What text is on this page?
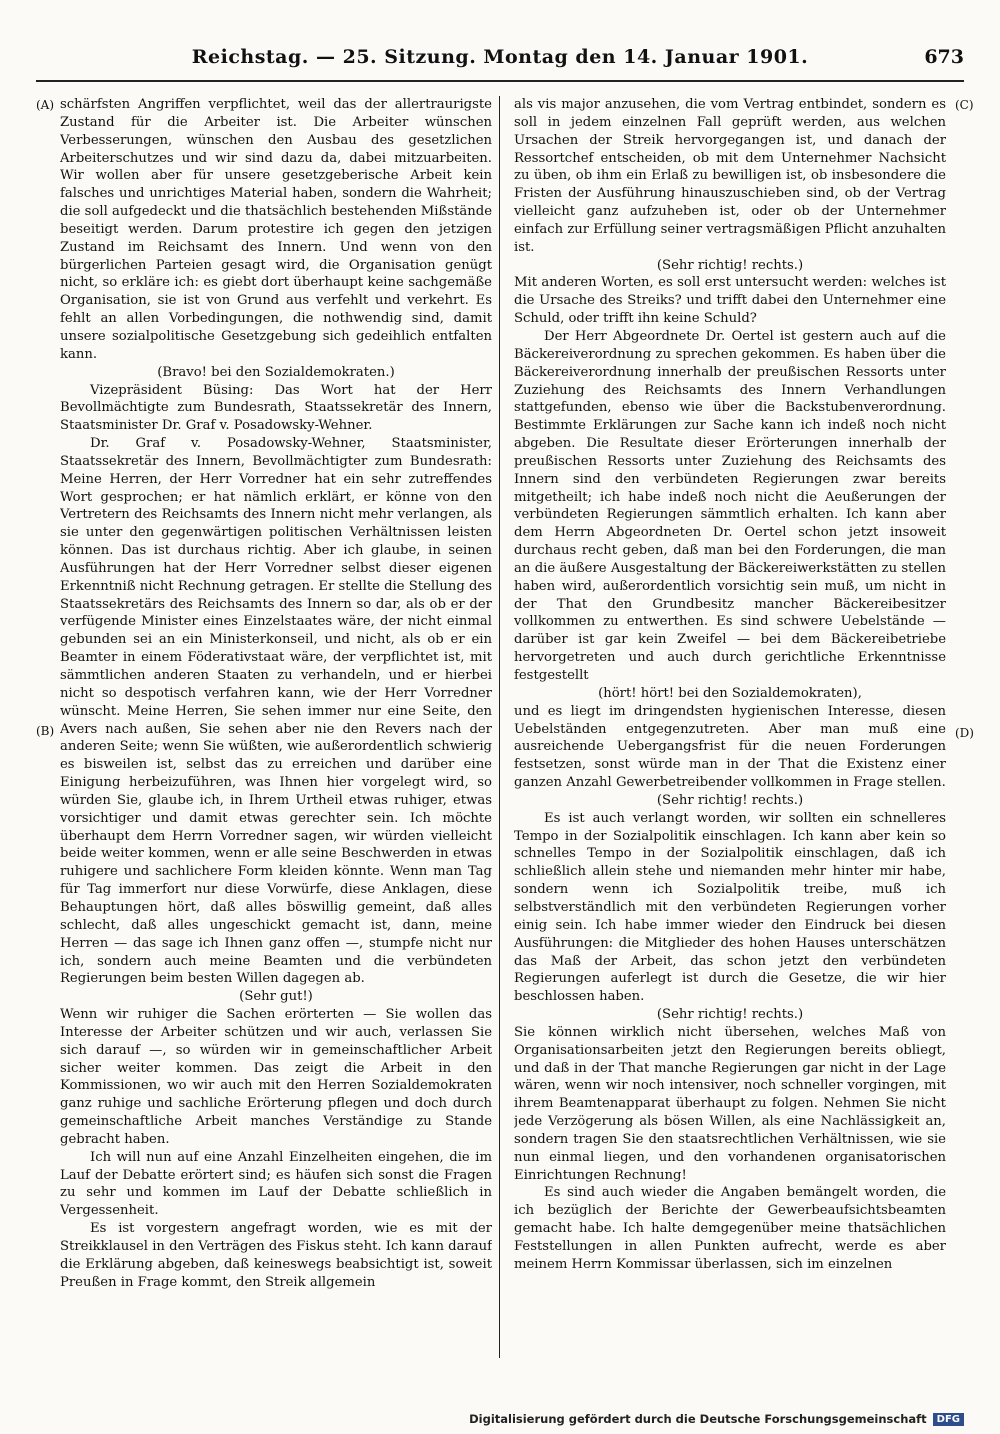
Reichstag. — 25. Sitzung. Montag den 14. Januar 1901.	673
(A)
(B)
(C)
(D)

schärfsten Angriffen verpflichtet, weil das der allertraurigste Zustand für die Arbeiter ist. Die Arbeiter wünschen Verbesserungen, wünschen den Ausbau des gesetzlichen Arbeiterschutzes und wir sind dazu da, dabei mitzuarbeiten. Wir wollen aber für unsere gesetzgeberische Arbeit kein falsches und unrichtiges Material haben, sondern die Wahrheit; die soll aufgedeckt und die thatsächlich bestehenden Mißstände beseitigt werden. Darum protestire ich gegen den jetzigen Zustand im Reichsamt des Innern. Und wenn von den bürgerlichen Parteien gesagt wird, die Organisation genügt nicht, so erkläre ich: es giebt dort überhaupt keine sachgemäße Organisation, sie ist von Grund aus verfehlt und verkehrt. Es fehlt an allen Vorbedingungen, die nothwendig sind, damit unsere sozialpolitische Gesetzgebung sich gedeihlich entfalten kann.

(Bravo! bei den Sozialdemokraten.)

Vizepräsident Büsing: Das Wort hat der Herr Bevollmächtigte zum Bundesrath, Staatssekretär des Innern, Staatsminister Dr. Graf v. Posadowsky-Wehner.

Dr. Graf v. Posadowsky-Wehner, Staatsminister, Staatssekretär des Innern, Bevollmächtigter zum Bundesrath: Meine Herren, der Herr Vorredner hat ein sehr zutreffendes Wort gesprochen; er hat nämlich erklärt, er könne von den Vertretern des Reichsamts des Innern nicht mehr verlangen, als sie unter den gegenwärtigen politischen Verhältnissen leisten können. Das ist durchaus richtig. Aber ich glaube, in seinen Ausführungen hat der Herr Vorredner selbst dieser eigenen Erkenntniß nicht Rechnung getragen. Er stellte die Stellung des Staatssekretärs des Reichsamts des Innern so dar, als ob er der verfügende Minister eines Einzelstaates wäre, der nicht einmal gebunden sei an ein Ministerkonseil, und nicht, als ob er ein Beamter in einem Föderativstaat wäre, der verpflichtet ist, mit sämmtlichen anderen Staaten zu verhandeln, und er hierbei nicht so despotisch verfahren kann, wie der Herr Vorredner wünscht. Meine Herren, Sie sehen immer nur eine Seite, den Avers nach außen, Sie sehen aber nie den Revers nach der anderen Seite; wenn Sie wüßten, wie außerordentlich schwierig es bisweilen ist, selbst das zu erreichen und darüber eine Einigung herbeizuführen, was Ihnen hier vorgelegt wird, so würden Sie, glaube ich, in Ihrem Urtheil etwas ruhiger, etwas vorsichtiger und damit etwas gerechter sein. Ich möchte überhaupt dem Herrn Vorredner sagen, wir würden vielleicht beide weiter kommen, wenn er alle seine Beschwerden in etwas ruhigere und sachlichere Form kleiden könnte. Wenn man Tag für Tag immerfort nur diese Vorwürfe, diese Anklagen, diese Behauptungen hört, daß alles böswillig gemeint, daß alles schlecht, daß alles ungeschickt gemacht ist, dann, meine Herren — das sage ich Ihnen ganz offen —, stumpfe nicht nur ich, sondern auch meine Beamten und die verbündeten Regierungen beim besten Willen dagegen ab.

(Sehr gut!)

Wenn wir ruhiger die Sachen erörterten — Sie wollen das Interesse der Arbeiter schützen und wir auch, verlassen Sie sich darauf —, so würden wir in gemeinschaftlicher Arbeit sicher weiter kommen. Das zeigt die Arbeit in den Kommissionen, wo wir auch mit den Herren Sozialdemokraten ganz ruhige und sachliche Erörterung pflegen und doch durch gemeinschaftliche Arbeit manches Verständige zu Stande gebracht haben.

Ich will nun auf eine Anzahl Einzelheiten eingehen, die im Lauf der Debatte erörtert sind; es häufen sich sonst die Fragen zu sehr und kommen im Lauf der Debatte schließlich in Vergessenheit.

Es ist vorgestern angefragt worden, wie es mit der Streikklausel in den Verträgen des Fiskus steht. Ich kann darauf die Erklärung abgeben, daß keineswegs beabsichtigt ist, soweit Preußen in Frage kommt, den Streik allgemein

als vis major anzusehen, die vom Vertrag entbindet, sondern es soll in jedem einzelnen Fall geprüft werden, aus welchen Ursachen der Streik hervorgegangen ist, und danach der Ressortchef entscheiden, ob mit dem Unternehmer Nachsicht zu üben, ob ihm ein Erlaß zu bewilligen ist, ob insbesondere die Fristen der Ausführung hinauszuschieben sind, ob der Vertrag vielleicht ganz aufzuheben ist, oder ob der Unternehmer einfach zur Erfüllung seiner vertragsmäßigen Pflicht anzuhalten ist.

(Sehr richtig! rechts.)

Mit anderen Worten, es soll erst untersucht werden: welches ist die Ursache des Streiks? und trifft dabei den Unternehmer eine Schuld, oder trifft ihn keine Schuld?

Der Herr Abgeordnete Dr. Oertel ist gestern auch auf die Bäckereiverordnung zu sprechen gekommen. Es haben über die Bäckereiverordnung innerhalb der preußischen Ressorts unter Zuziehung des Reichsamts des Innern Verhandlungen stattgefunden, ebenso wie über die Backstubenverordnung. Bestimmte Erklärungen zur Sache kann ich indeß noch nicht abgeben. Die Resultate dieser Erörterungen innerhalb der preußischen Ressorts unter Zuziehung des Reichsamts des Innern sind den verbündeten Regierungen zwar bereits mitgetheilt; ich habe indeß noch nicht die Aeußerungen der verbündeten Regierungen sämmtlich erhalten. Ich kann aber dem Herrn Abgeordneten Dr. Oertel schon jetzt insoweit durchaus recht geben, daß man bei den Forderungen, die man an die äußere Ausgestaltung der Bäckereiwerkstätten zu stellen haben wird, außerordentlich vorsichtig sein muß, um nicht in der That den Grundbesitz mancher Bäckereibesitzer vollkommen zu entwerthen. Es sind schwere Uebelstände — darüber ist gar kein Zweifel — bei dem Bäckereibetriebe hervorgetreten und auch durch gerichtliche Erkenntnisse festgestellt

(hört! hört! bei den Sozialdemokraten),

und es liegt im dringendsten hygienischen Interesse, diesen Uebelständen entgegenzutreten. Aber man muß eine ausreichende Uebergangsfrist für die neuen Forderungen festsetzen, sonst würde man in der That die Existenz einer ganzen Anzahl Gewerbetreibender vollkommen in Frage stellen.

(Sehr richtig! rechts.)

Es ist auch verlangt worden, wir sollten ein schnelleres Tempo in der Sozialpolitik einschlagen. Ich kann aber kein so schnelles Tempo in der Sozialpolitik einschlagen, daß ich schließlich allein stehe und niemanden mehr hinter mir habe, sondern wenn ich Sozialpolitik treibe, muß ich selbstverständlich mit den verbündeten Regierungen vorher einig sein. Ich habe immer wieder den Eindruck bei diesen Ausführungen: die Mitglieder des hohen Hauses unterschätzen das Maß der Arbeit, das schon jetzt den verbündeten Regierungen auferlegt ist durch die Gesetze, die wir hier beschlossen haben.

(Sehr richtig! rechts.)

Sie können wirklich nicht übersehen, welches Maß von Organisationsarbeiten jetzt den Regierungen bereits obliegt, und daß in der That manche Regierungen gar nicht in der Lage wären, wenn wir noch intensiver, noch schneller vorgingen, mit ihrem Beamtenapparat überhaupt zu folgen. Nehmen Sie nicht jede Verzögerung als bösen Willen, als eine Nachlässigkeit an, sondern tragen Sie den staatsrechtlichen Verhältnissen, wie sie nun einmal liegen, und den vorhandenen organisatorischen Einrichtungen Rechnung!

Es sind auch wieder die Angaben bemängelt worden, die ich bezüglich der Berichte der Gewerbeaufsichtsbeamten gemacht habe. Ich halte demgegenüber meine thatsächlichen Feststellungen in allen Punkten aufrecht, werde es aber meinem Herrn Kommissar überlassen, sich im einzelnen

Digitalisierung gefördert durch die Deutsche Forschungsgemeinschaft	DFG
